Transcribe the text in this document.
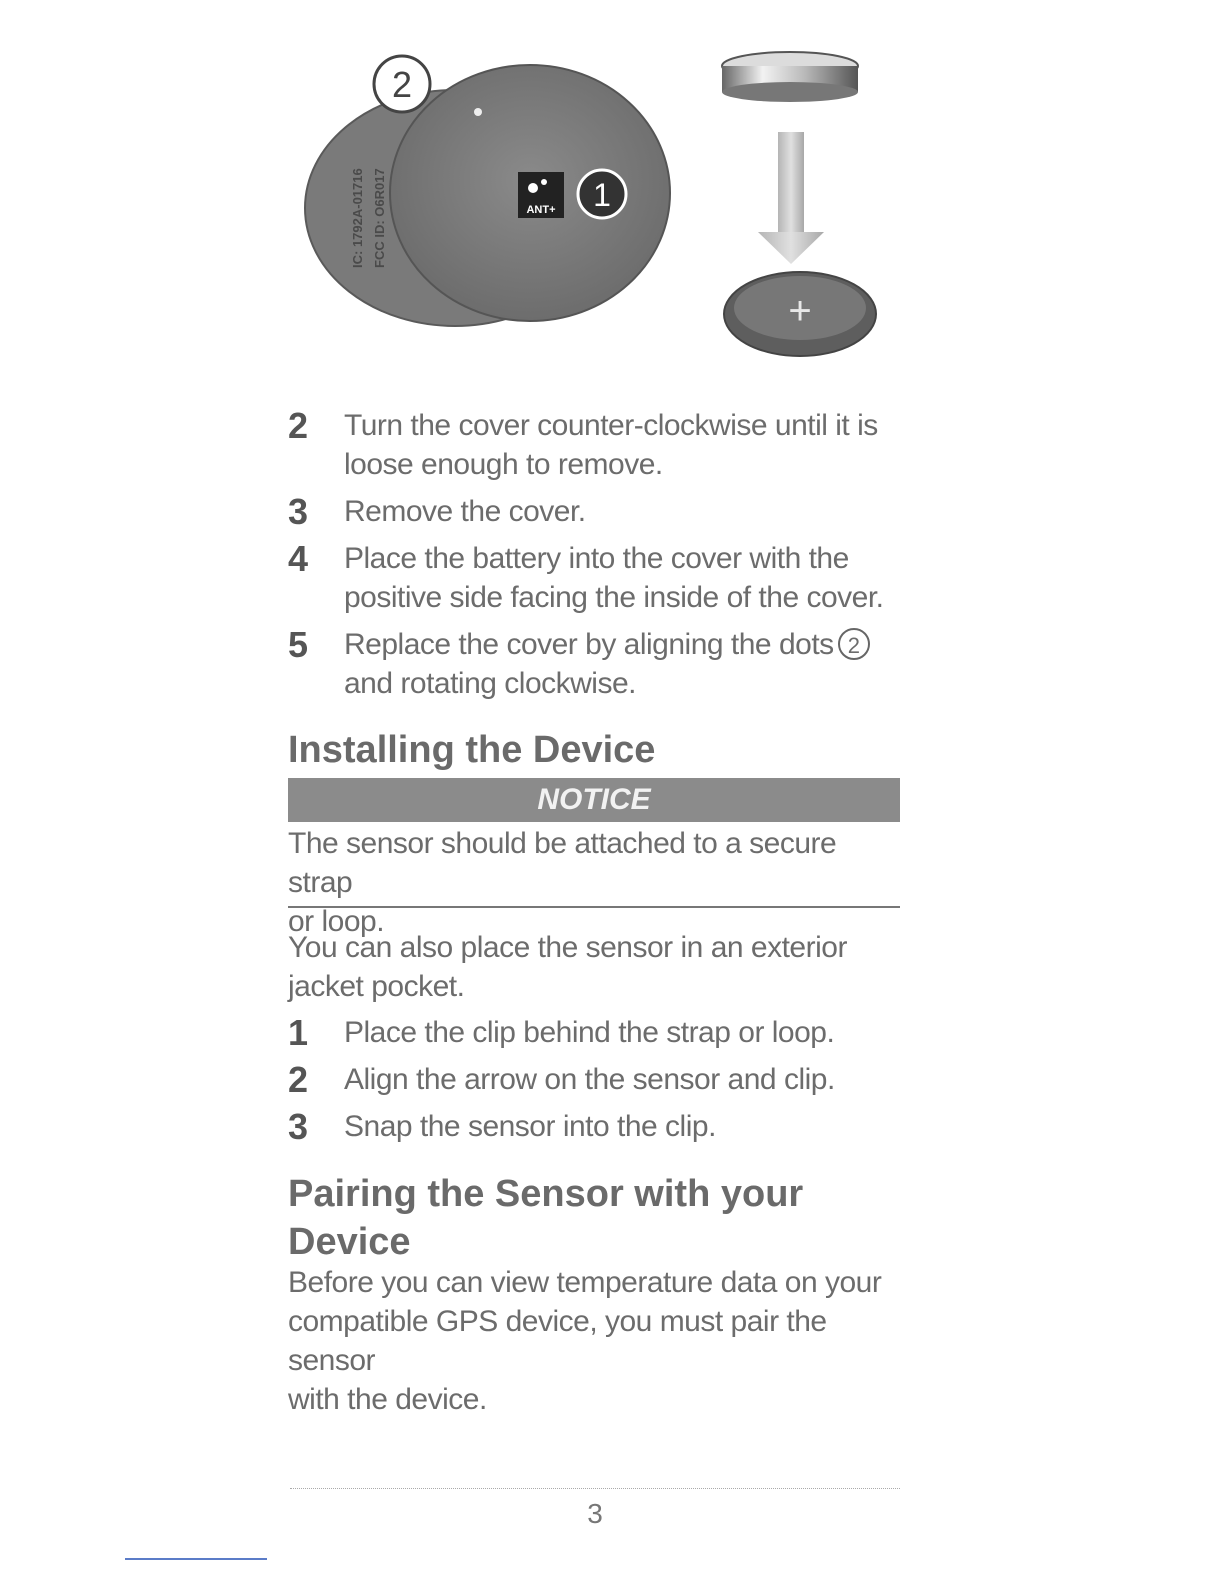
IC: 1792A-01716 FCC ID: O6R017	ANT+ 1
2
+
2 Turn the cover counter-clockwise until it is
loose enough to remove.
3 Remove the cover.
4 Place the battery into the cover with the
positive side facing the inside of the cover.
5 Replace the cover by aligning the dots 2
and rotating clockwise.
Installing the Device
NOTICE

The sensor should be attached to a secure strap
or loop.

You can also place the sensor in an exterior
jacket pocket.

1 Place the clip behind the strap or loop.
2 Align the arrow on the sensor and clip.
3 Snap the sensor into the clip.
Pairing the Sensor with your
Device

Before you can view temperature data on your
compatible GPS device, you must pair the sensor
with the device.

3
